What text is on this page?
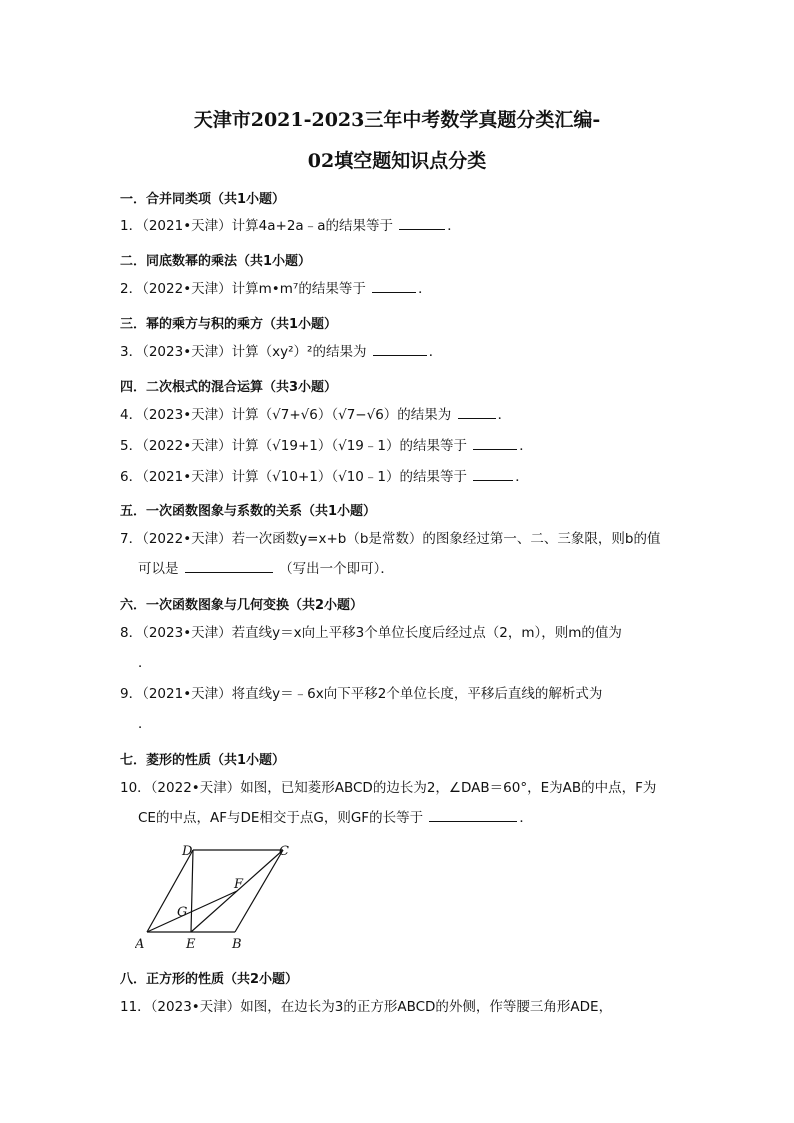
天津市2021-2023三年中考数学真题分类汇编-
02填空题知识点分类
一．合并同类项（共1小题）
1．（2021•天津）计算4a+2a﹣a的结果等于	．
二．同底数幂的乘法（共1小题）
2．（2022•天津）计算m•m⁷的结果等于	．
三．幂的乘方与积的乘方（共1小题）
3．（2023•天津）计算（xy²）²的结果为	．
四．二次根式的混合运算（共3小题）
4．（2023•天津）计算（√7+√6）（√7−√6）的结果为	．
5．（2022•天津）计算（√19+1）（√19﹣1）的结果等于	．
6．（2021•天津）计算（√10+1）（√10﹣1）的结果等于	．
五．一次函数图象与系数的关系（共1小题）
7．（2022•天津）若一次函数y=x+b（b是常数）的图象经过第一、二、三象限，则b的值
可以是	（写出一个即可）．
六．一次函数图象与几何变换（共2小题）
8．（2023•天津）若直线y＝x向上平移3个单位长度后经过点（2，m），则m的值为
．
9．（2021•天津）将直线y＝﹣6x向下平移2个单位长度，平移后直线的解析式为
．
七．菱形的性质（共1小题）
10．（2022•天津）如图，已知菱形ABCD的边长为2，∠DAB＝60°，E为AB的中点，F为
CE的中点，AF与DE相交于点G，则GF的长等于	．
A	B
C
D
E
F
G
八．正方形的性质（共2小题）
11．（2023•天津）如图，在边长为3的正方形ABCD的外侧，作等腰三角形ADE，
